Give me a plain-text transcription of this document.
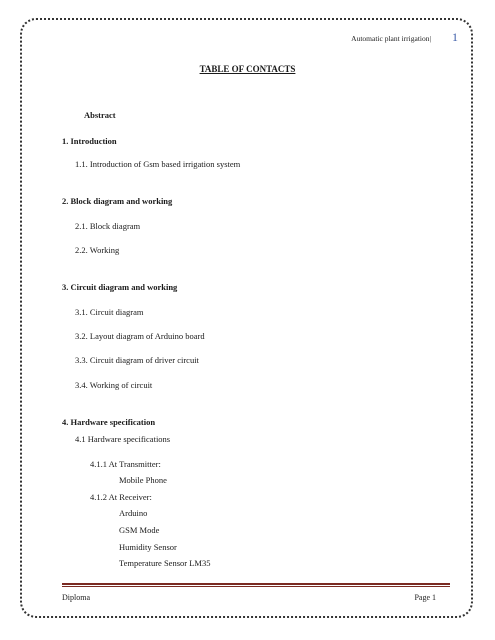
Automatic plant irrigation| 1
TABLE OF CONTACTS
Abstract
1. Introduction
1.1. Introduction of Gsm based irrigation system
2. Block diagram and working
2.1. Block diagram
2.2. Working
3. Circuit diagram and working
3.1. Circuit diagram
3.2. Layout diagram of Arduino board
3.3. Circuit diagram of driver circuit
3.4. Working of circuit
4. Hardware specification
4.1 Hardware specifications
4.1.1 At Transmitter:
Mobile Phone
4.1.2 At Receiver:
Arduino
GSM Mode
Humidity Sensor
Temperature Sensor LM35
Diploma	Page 1
